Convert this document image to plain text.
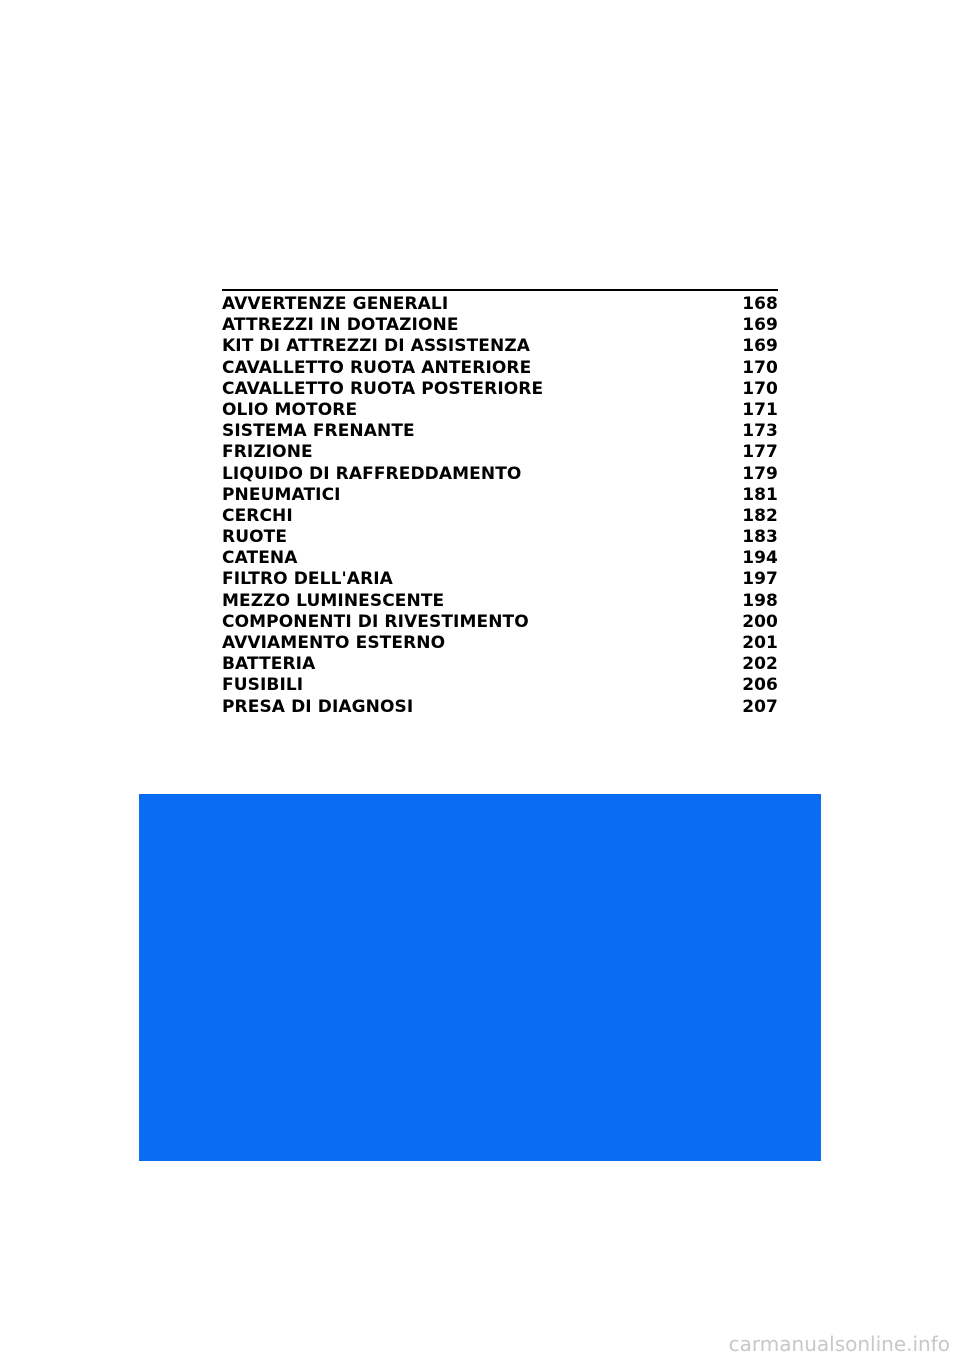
AVVERTENZE GENERALI	168
ATTREZZI IN DOTAZIONE	169
KIT DI ATTREZZI DI ASSISTENZA	169
CAVALLETTO RUOTA ANTERIORE	170
CAVALLETTO RUOTA POSTERIORE	170
OLIO MOTORE	171
SISTEMA FRENANTE	173
FRIZIONE	177
LIQUIDO DI RAFFREDDAMENTO	179
PNEUMATICI	181
CERCHI	182
RUOTE	183
CATENA	194
FILTRO DELL'ARIA	197
MEZZO LUMINESCENTE	198
COMPONENTI DI RIVESTIMENTO	200
AVVIAMENTO ESTERNO	201
BATTERIA	202
FUSIBILI	206
PRESA DI DIAGNOSI	207
carmanualsonline.info
